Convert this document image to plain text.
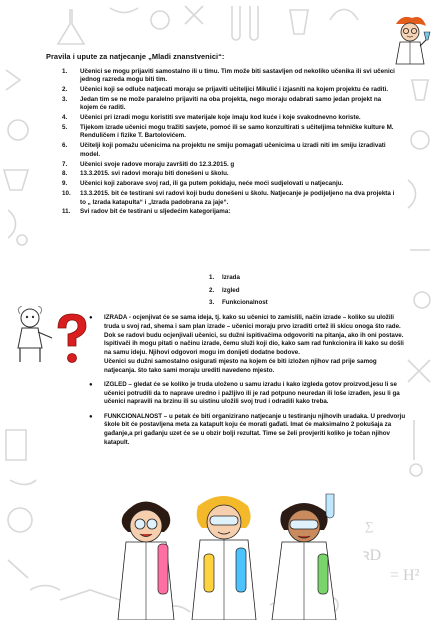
ꝛD
= H²
∑
Pravila i upute za natjecanje „Mladi znanstvenici“:
1. Učenici se mogu prijaviti samostalno ili u timu. Tim može biti sastavljen od nekoliko učenika ili svi učenici jednog razreda mogu biti tim.
2. Učenici koji se odluče natjecati moraju se prijaviti učiteljici Mikulić i izjasniti na kojem projektu će raditi.
3. Jedan tim se ne može paralelno prijaviti na oba projekta, nego moraju odabrati samo jedan projekt na kojem će raditi.
4. Učenici pri izradi mogu koristiti sve materijale koje imaju kod kuće i koje svakodnevno koriste.
5. Tijekom izrade učenici mogu tražiti savjete, pomoć ili se samo konzultirati s učiteljima tehničke kulture M. Renduličem i fizike T. Bartolovićem.
6. Učitelji koji pomažu učenicima na projektu ne smiju pomagati učenicima u izradi niti im smiju izradivati model.
7. Učenici svoje radove moraju završiti do 12.3.2015. g
8. 13.3.2015. svi radovi moraju biti donešeni u školu.
9. Učenici koji zaborave svoj rad, ili ga putem pokidaju, neće moći sudjelovati u natjecanju.
10. 13.3.2015. bit će testirani svi radovi koji budu donešeni u školu. Natjecanje je podijeljeno na dva projekta i to „ Izrada katapulta“ i „Izrada padobrana za jaje“.
11. Svi radov bit će testirani u sljedećim kategorijama:
1. Izrada
2. Izgled
3. Funkcionalnost
● IZRADA - ocjenjivat će se sama ideja, tj. kako su učenici to zamislili, način izrade – koliko su uložili truda u svoj rad, shema i sam plan izrade – učenici moraju prvo izraditi crtež ili skicu onoga što rade. Dok se radovi budu ocjenjivali učenici, su dužni ispitivačima odgovoriti na pitanja, ako ih oni postave. Ispitivači ih mogu pitati o načinu izrade, čemu služi koji dio, kako sam rad funkcionira ili kako su došli na samu ideju. Njihovi odgovori mogu im donijeti dodatne bodove.

Učenici su dužni samostalno osigurati mjesto na kojem će biti izložen njihov rad prije samog natjecanja. što tako sami moraju urediti navedeno mjesto.

● IZGLED – gledat će se koliko je truda uloženo u samu izradu i kako izgleda gotov proizvod,jesu li se učenici potrudili da to naprave uredno i pažljivo ili je rad potpuno neuredan ili loše izrađen, jesu li ga učenici napravili na brzinu ili su uistinu uložili svoj trud i odradili kako treba.

● FUNKCIONALNOST – u petak će biti organizirano natjecanje u testiranju njihovih uradaka. U predvorju škole bit će postavljena meta za katapult koju će morati gađati. Imat će maksimalno 2 pokušaja za gađanje,a pri gađanju uzet će se u obzir bolji rezultat. Time se želi provjeriti koliko je točan njihov katapult.
